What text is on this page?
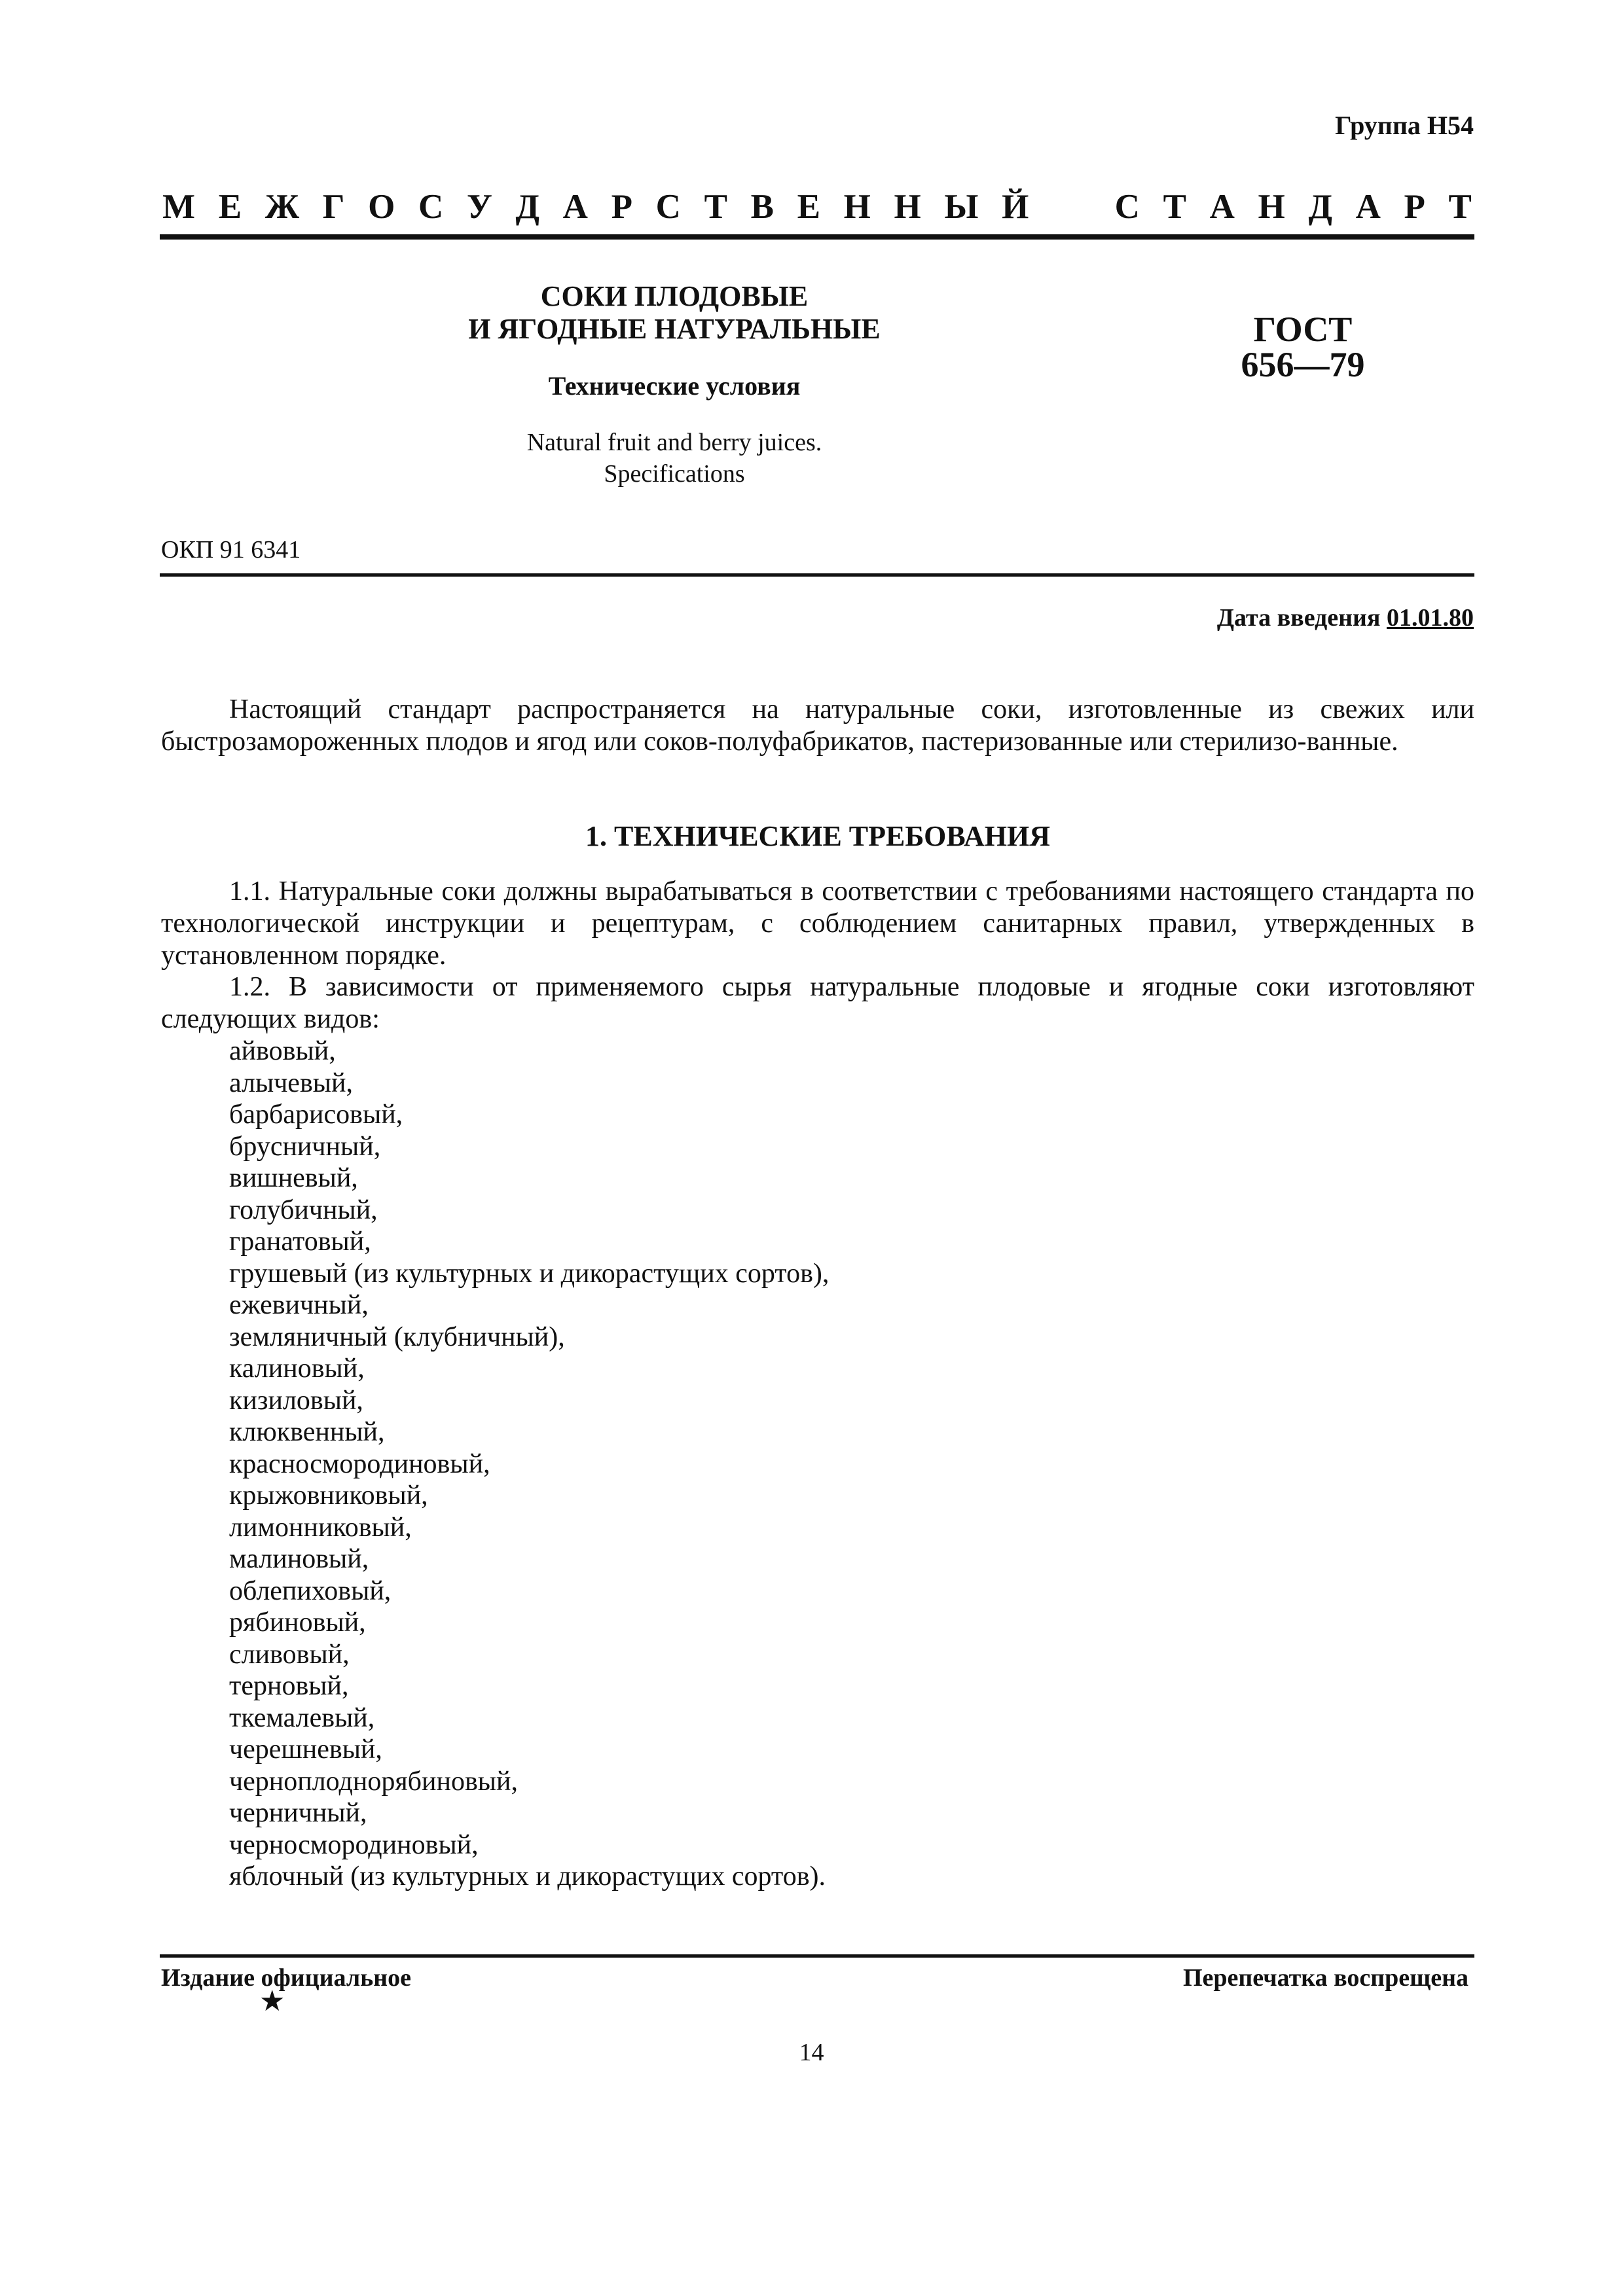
Группа Н54
М Е Ж Г О С У Д А Р С Т В Е Н Н Ы Й С Т А Н Д А Р Т
СОКИ ПЛОДОВЫЕ
И ЯГОДНЫЕ НАТУРАЛЬНЫЕ
Технические условия
Natural fruit and berry juices.
Specifications
ГОСТ
656—79
ОКП 91 6341
Дата введения 01.01.80

Настоящий стандарт распространяется на натуральные соки, изготовленные из свежих или быстрозамороженных плодов и ягод или соков-полуфабрикатов, пастеризованные или стерилизо-ванные.

1. ТЕХНИЧЕСКИЕ ТРЕБОВАНИЯ

1.1. Натуральные соки должны вырабатываться в соответствии с требованиями настоящего стандарта по технологической инструкции и рецептурам, с соблюдением санитарных правил, утвержденных в установленном порядке.

1.2. В зависимости от применяемого сырья натуральные плодовые и ягодные соки изготовляют следующих видов:

айвовый,
алычевый,
барбарисовый,
брусничный,
вишневый,
голубичный,
гранатовый,
грушевый (из культурных и дикорастущих сортов),
ежевичный,
земляничный (клубничный),
калиновый,
кизиловый,
клюквенный,
красносмородиновый,
крыжовниковый,
лимонниковый,
малиновый,
облепиховый,
рябиновый,
сливовый,
терновый,
ткемалевый,
черешневый,
черноплоднорябиновый,
черничный,
черносмородиновый,
яблочный (из культурных и дикорастущих сортов).
Издание официальное
★
Перепечатка воспрещена
14
